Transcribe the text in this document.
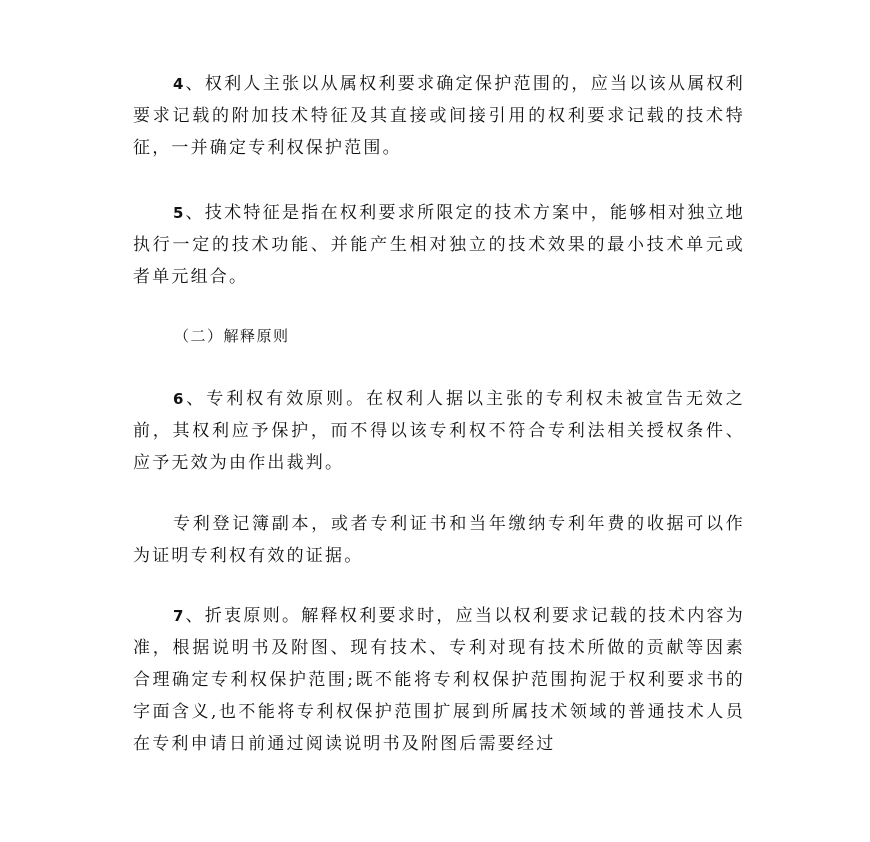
4 、权利人主张以从属权利要求确定保护范围的，应当以该从属权利要求记载的附加技术特征及其直接或间接引用的权利要求记载的技术特征，一并确定专利权保护范围。

5 、技术特征是指在权利要求所限定的技术方案中，能够相对独立地执行一定的技术功能、并能产生相对独立的技术效果的最小技术单元或者单元组合。

（二）解释原则

6 、专利权有效原则。在权利人据以主张的专利权未被宣告无效之前，其权利应予保护，而不得以该专利权不符合专利法相关授权条件、应予无效为由作出裁判。

专利登记簿副本，或者专利证书和当年缴纳专利年费的收据可以作为证明专利权有效的证据。

7 、折衷原则。解释权利要求时，应当以权利要求记载的技术内容为准，根据说明书及附图、现有技术、专利对现有技术所做的贡献等因素合理确定专利权保护范围;既不能将专利权保护范围拘泥于权利要求书的字面含义,也不能将专利权保护范围扩展到所属技术领域的普通技术人员在专利申请日前通过阅读说明书及附图后需要经过
